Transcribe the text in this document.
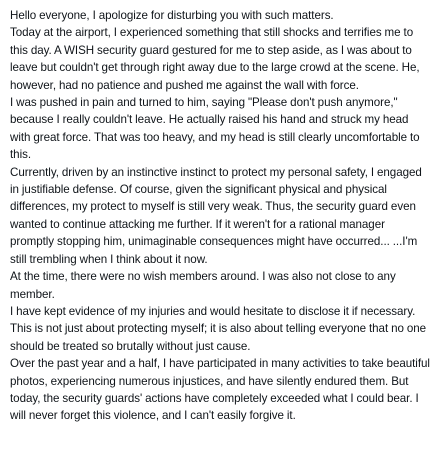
Hello everyone, I apologize for disturbing you with such matters.

Today at the airport, I experienced something that still shocks and terrifies me to this day. A WISH security guard gestured for me to step aside, as I was about to leave but couldn't get through right away due to the large crowd at the scene. He, however, had no patience and pushed me against the wall with force.

I was pushed in pain and turned to him, saying "Please don't push anymore," because I really couldn't leave. He actually raised his hand and struck my head with great force. That was too heavy, and my head is still clearly uncomfortable to this.

Currently, driven by an instinctive instinct to protect my personal safety, I engaged in justifiable defense. Of course, given the significant physical and physical differences, my protect to myself is still very weak. Thus, the security guard even wanted to continue attacking me further. If it weren't for a rational manager promptly stopping him, unimaginable consequences might have occurred... ...I'm still trembling when I think about it now.

At the time, there were no wish members around. I was also not close to any member.

I have kept evidence of my injuries and would hesitate to disclose it if necessary. This is not just about protecting myself; it is also about telling everyone that no one should be treated so brutally without just cause.

Over the past year and a half, I have participated in many activities to take beautiful photos, experiencing numerous injustices, and have silently endured them. But today, the security guards' actions have completely exceeded what I could bear. I will never forget this violence, and I can't easily forgive it.
